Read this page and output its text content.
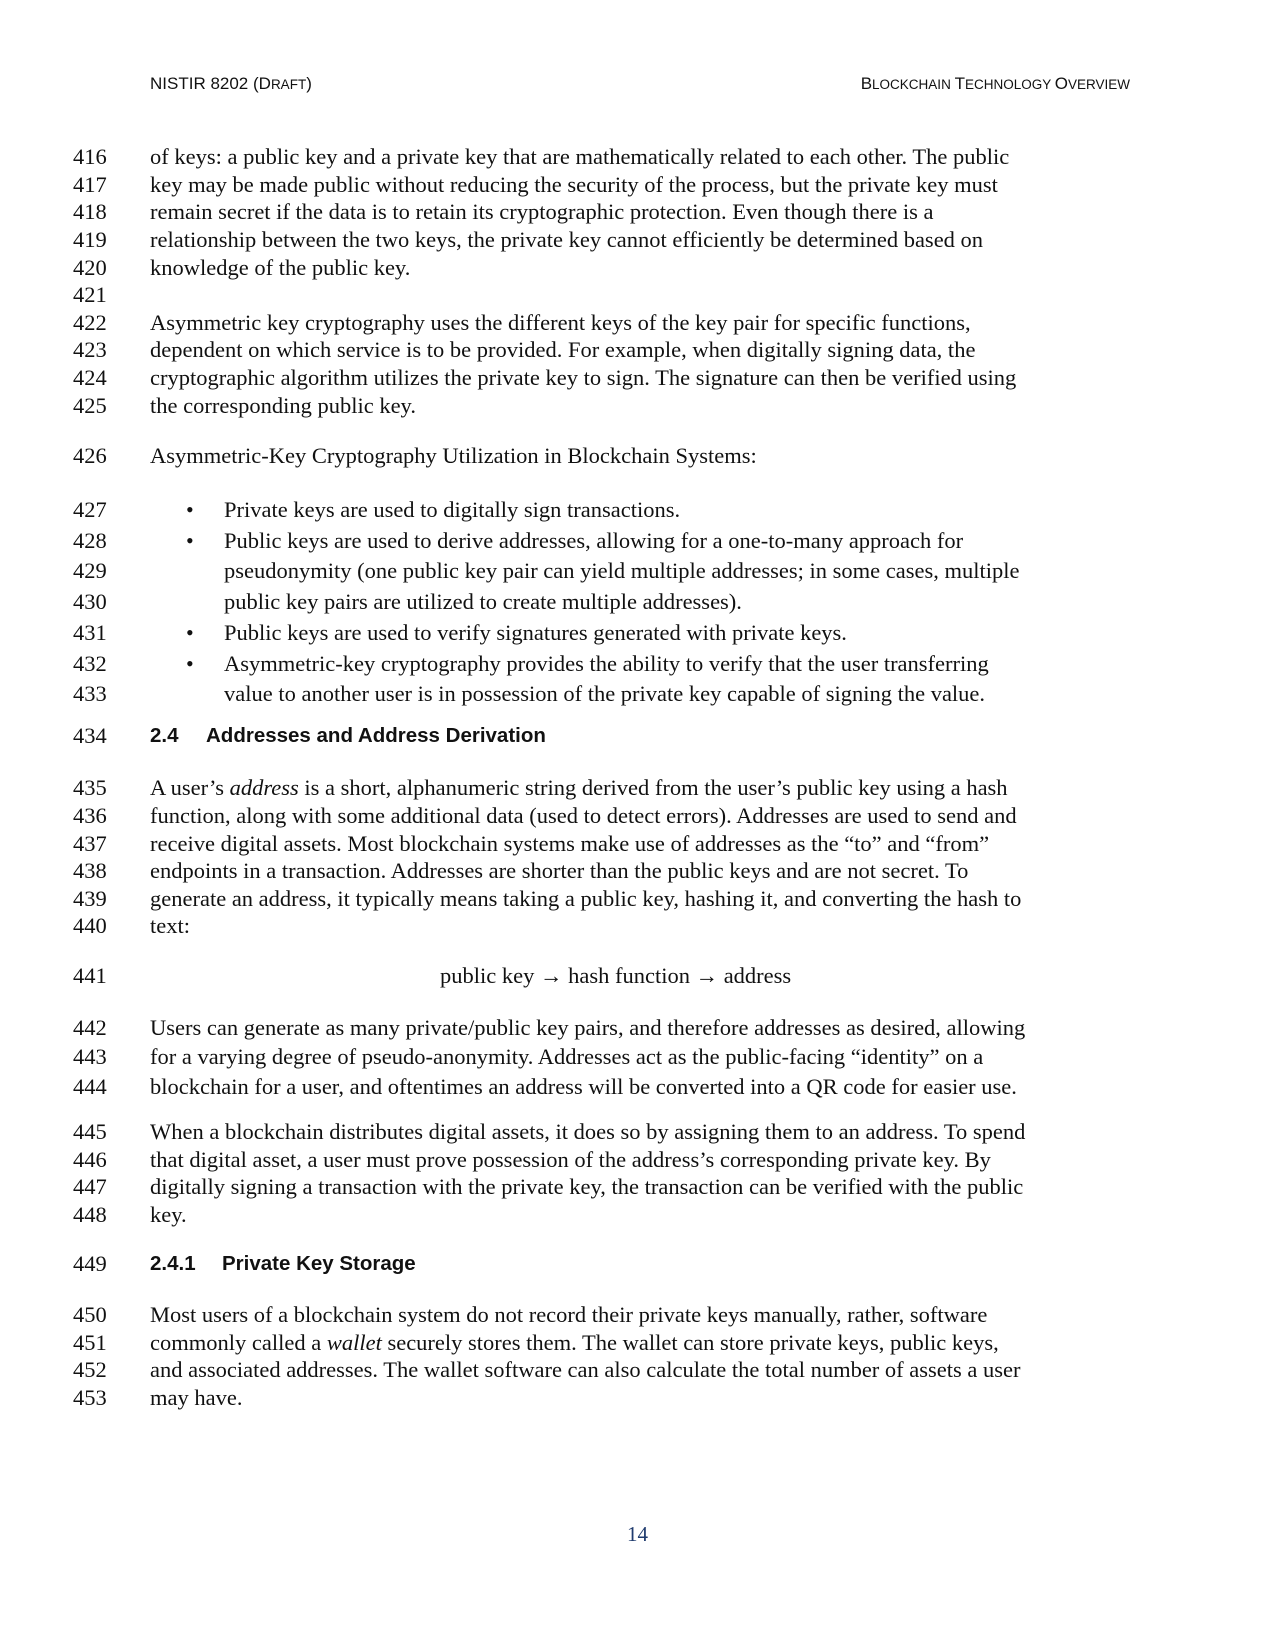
NISTIR 8202 (DRAFT)	BLOCKCHAIN TECHNOLOGY OVERVIEW
416
417
418
419
420
421
422
423
424
425
426
427
428
429
430
431
432
433
434
435
436
437
438
439
440
441
442
443
444
445
446
447
448
449
450
451
452
453
of keys: a public key and a private key that are mathematically related to each other. The public
key may be made public without reducing the security of the process, but the private key must
remain secret if the data is to retain its cryptographic protection. Even though there is a
relationship between the two keys, the private key cannot efficiently be determined based on
knowledge of the public key.
Asymmetric key cryptography uses the different keys of the key pair for specific functions,
dependent on which service is to be provided. For example, when digitally signing data, the
cryptographic algorithm utilizes the private key to sign. The signature can then be verified using
the corresponding public key.
Asymmetric-Key Cryptography Utilization in Blockchain Systems:
• Private keys are used to digitally sign transactions.
• Public keys are used to derive addresses, allowing for a one-to-many approach for
pseudonymity (one public key pair can yield multiple addresses; in some cases, multiple
public key pairs are utilized to create multiple addresses).
• Public keys are used to verify signatures generated with private keys.
• Asymmetric-key cryptography provides the ability to verify that the user transferring
value to another user is in possession of the private key capable of signing the value.
2.4 Addresses and Address Derivation
A user’s address is a short, alphanumeric string derived from the user’s public key using a hash
function, along with some additional data (used to detect errors). Addresses are used to send and
receive digital assets. Most blockchain systems make use of addresses as the “to” and “from”
endpoints in a transaction. Addresses are shorter than the public keys and are not secret. To
generate an address, it typically means taking a public key, hashing it, and converting the hash to
text:
public key → hash function → address
Users can generate as many private/public key pairs, and therefore addresses as desired, allowing
for a varying degree of pseudo-anonymity. Addresses act as the public-facing “identity” on a
blockchain for a user, and oftentimes an address will be converted into a QR code for easier use.
When a blockchain distributes digital assets, it does so by assigning them to an address. To spend
that digital asset, a user must prove possession of the address’s corresponding private key. By
digitally signing a transaction with the private key, the transaction can be verified with the public
key.
2.4.1 Private Key Storage
Most users of a blockchain system do not record their private keys manually, rather, software
commonly called a wallet securely stores them. The wallet can store private keys, public keys,
and associated addresses. The wallet software can also calculate the total number of assets a user
may have.
14
